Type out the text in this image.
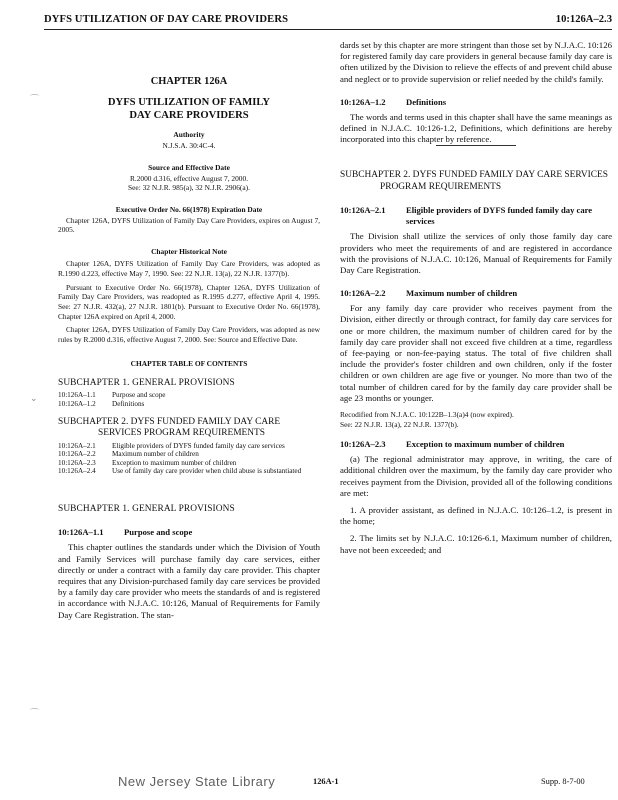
DYFS UTILIZATION OF DAY CARE PROVIDERS	10:126A–2.3
⌒
⌄
⌒
CHAPTER 126A
DYFS UTILIZATION OF FAMILY
DAY CARE PROVIDERS
Authority
N.J.S.A. 30:4C-4.
Source and Effective Date
R.2000 d.316, effective August 7, 2000.
See: 32 N.J.R. 985(a), 32 N.J.R. 2906(a).
Executive Order No. 66(1978) Expiration Date
Chapter 126A, DYFS Utilization of Family Day Care Providers, expires on August 7, 2005.
Chapter Historical Note
Chapter 126A, DYFS Utilization of Family Day Care Providers, was adopted as R.1990 d.223, effective May 7, 1990. See: 22 N.J.R. 13(a), 22 N.J.R. 1377(b).
Pursuant to Executive Order No. 66(1978), Chapter 126A, DYFS Utilization of Family Day Care Providers, was readopted as R.1995 d.277, effective April 4, 1995. See: 27 N.J.R. 432(a), 27 N.J.R. 1801(b). Pursuant to Executive Order No. 66(1978), Chapter 126A expired on April 4, 2000.
Chapter 126A, DYFS Utilization of Family Day Care Providers, was adopted as new rules by R.2000 d.316, effective August 7, 2000. See: Source and Effective Date.
CHAPTER TABLE OF CONTENTS
SUBCHAPTER 1. GENERAL PROVISIONS
10:126A–1.1	Purpose and scope
10:126A–1.2	Definitions
SUBCHAPTER 2. DYFS FUNDED FAMILY DAY CARE SERVICES PROGRAM REQUIREMENTS
10:126A–2.1	Eligible providers of DYFS funded family day care services
10:126A–2.2	Maximum number of children
10:126A–2.3	Exception to maximum number of children
10:126A–2.4	Use of family day care provider when child abuse is substantiated
SUBCHAPTER 1. GENERAL PROVISIONS
10:126A–1.1	Purpose and scope
This chapter outlines the standards under which the Division of Youth and Family Services will purchase family day care services, either directly or under a contract with a family day care provider. This chapter requires that any Division-purchased family day care services be provided by a family day care provider who meets the standards of and is registered in accordance with N.J.A.C. 10:126, Manual of Requirements for Family Day Care Registration. The stan-
dards set by this chapter are more stringent than those set by N.J.A.C. 10:126 for registered family day care providers in general because family day care is often utilized by the Division to relieve the effects of and prevent child abuse and neglect or to provide supervision or relief needed by the child's family.
10:126A–1.2	Definitions
The words and terms used in this chapter shall have the same meanings as defined in N.J.A.C. 10:126-1.2, Definitions, which definitions are hereby incorporated into this chapter by reference.
SUBCHAPTER 2. DYFS FUNDED FAMILY DAY CARE SERVICES PROGRAM REQUIREMENTS
10:126A–2.1	Eligible providers of DYFS funded family day care services
The Division shall utilize the services of only those family day care providers who meet the requirements of and are registered in accordance with the provisions of N.J.A.C. 10:126, Manual of Requirements for Family Day Care Registration.
10:126A–2.2	Maximum number of children
For any family day care provider who receives payment from the Division, either directly or through contract, for family day care services for one or more children, the maximum number of children cared for by the family day care provider shall not exceed five children at a time, regardless of fee-paying or non-fee-paying status. The total of five children shall include the provider's foster children and own children, only if the foster children or own children are age five or younger. No more than two of the total number of children cared for by the family day care provider shall be age 23 months or younger.
Recodified from N.J.A.C. 10:122B–1.3(a)4 (now expired).
See: 22 N.J.R. 13(a), 22 N.J.R. 1377(b).
10:126A–2.3	Exception to maximum number of children
(a) The regional administrator may approve, in writing, the care of additional children over the maximum, by the family day care provider who receives payment from the Division, provided all of the following conditions are met:
1. A provider assistant, as defined in N.J.A.C. 10:126–1.2, is present in the home;
2. The limits set by N.J.A.C. 10:126-6.1, Maximum number of children, have not been exceeded; and
New Jersey State Library	126A-1	Supp. 8-7-00
